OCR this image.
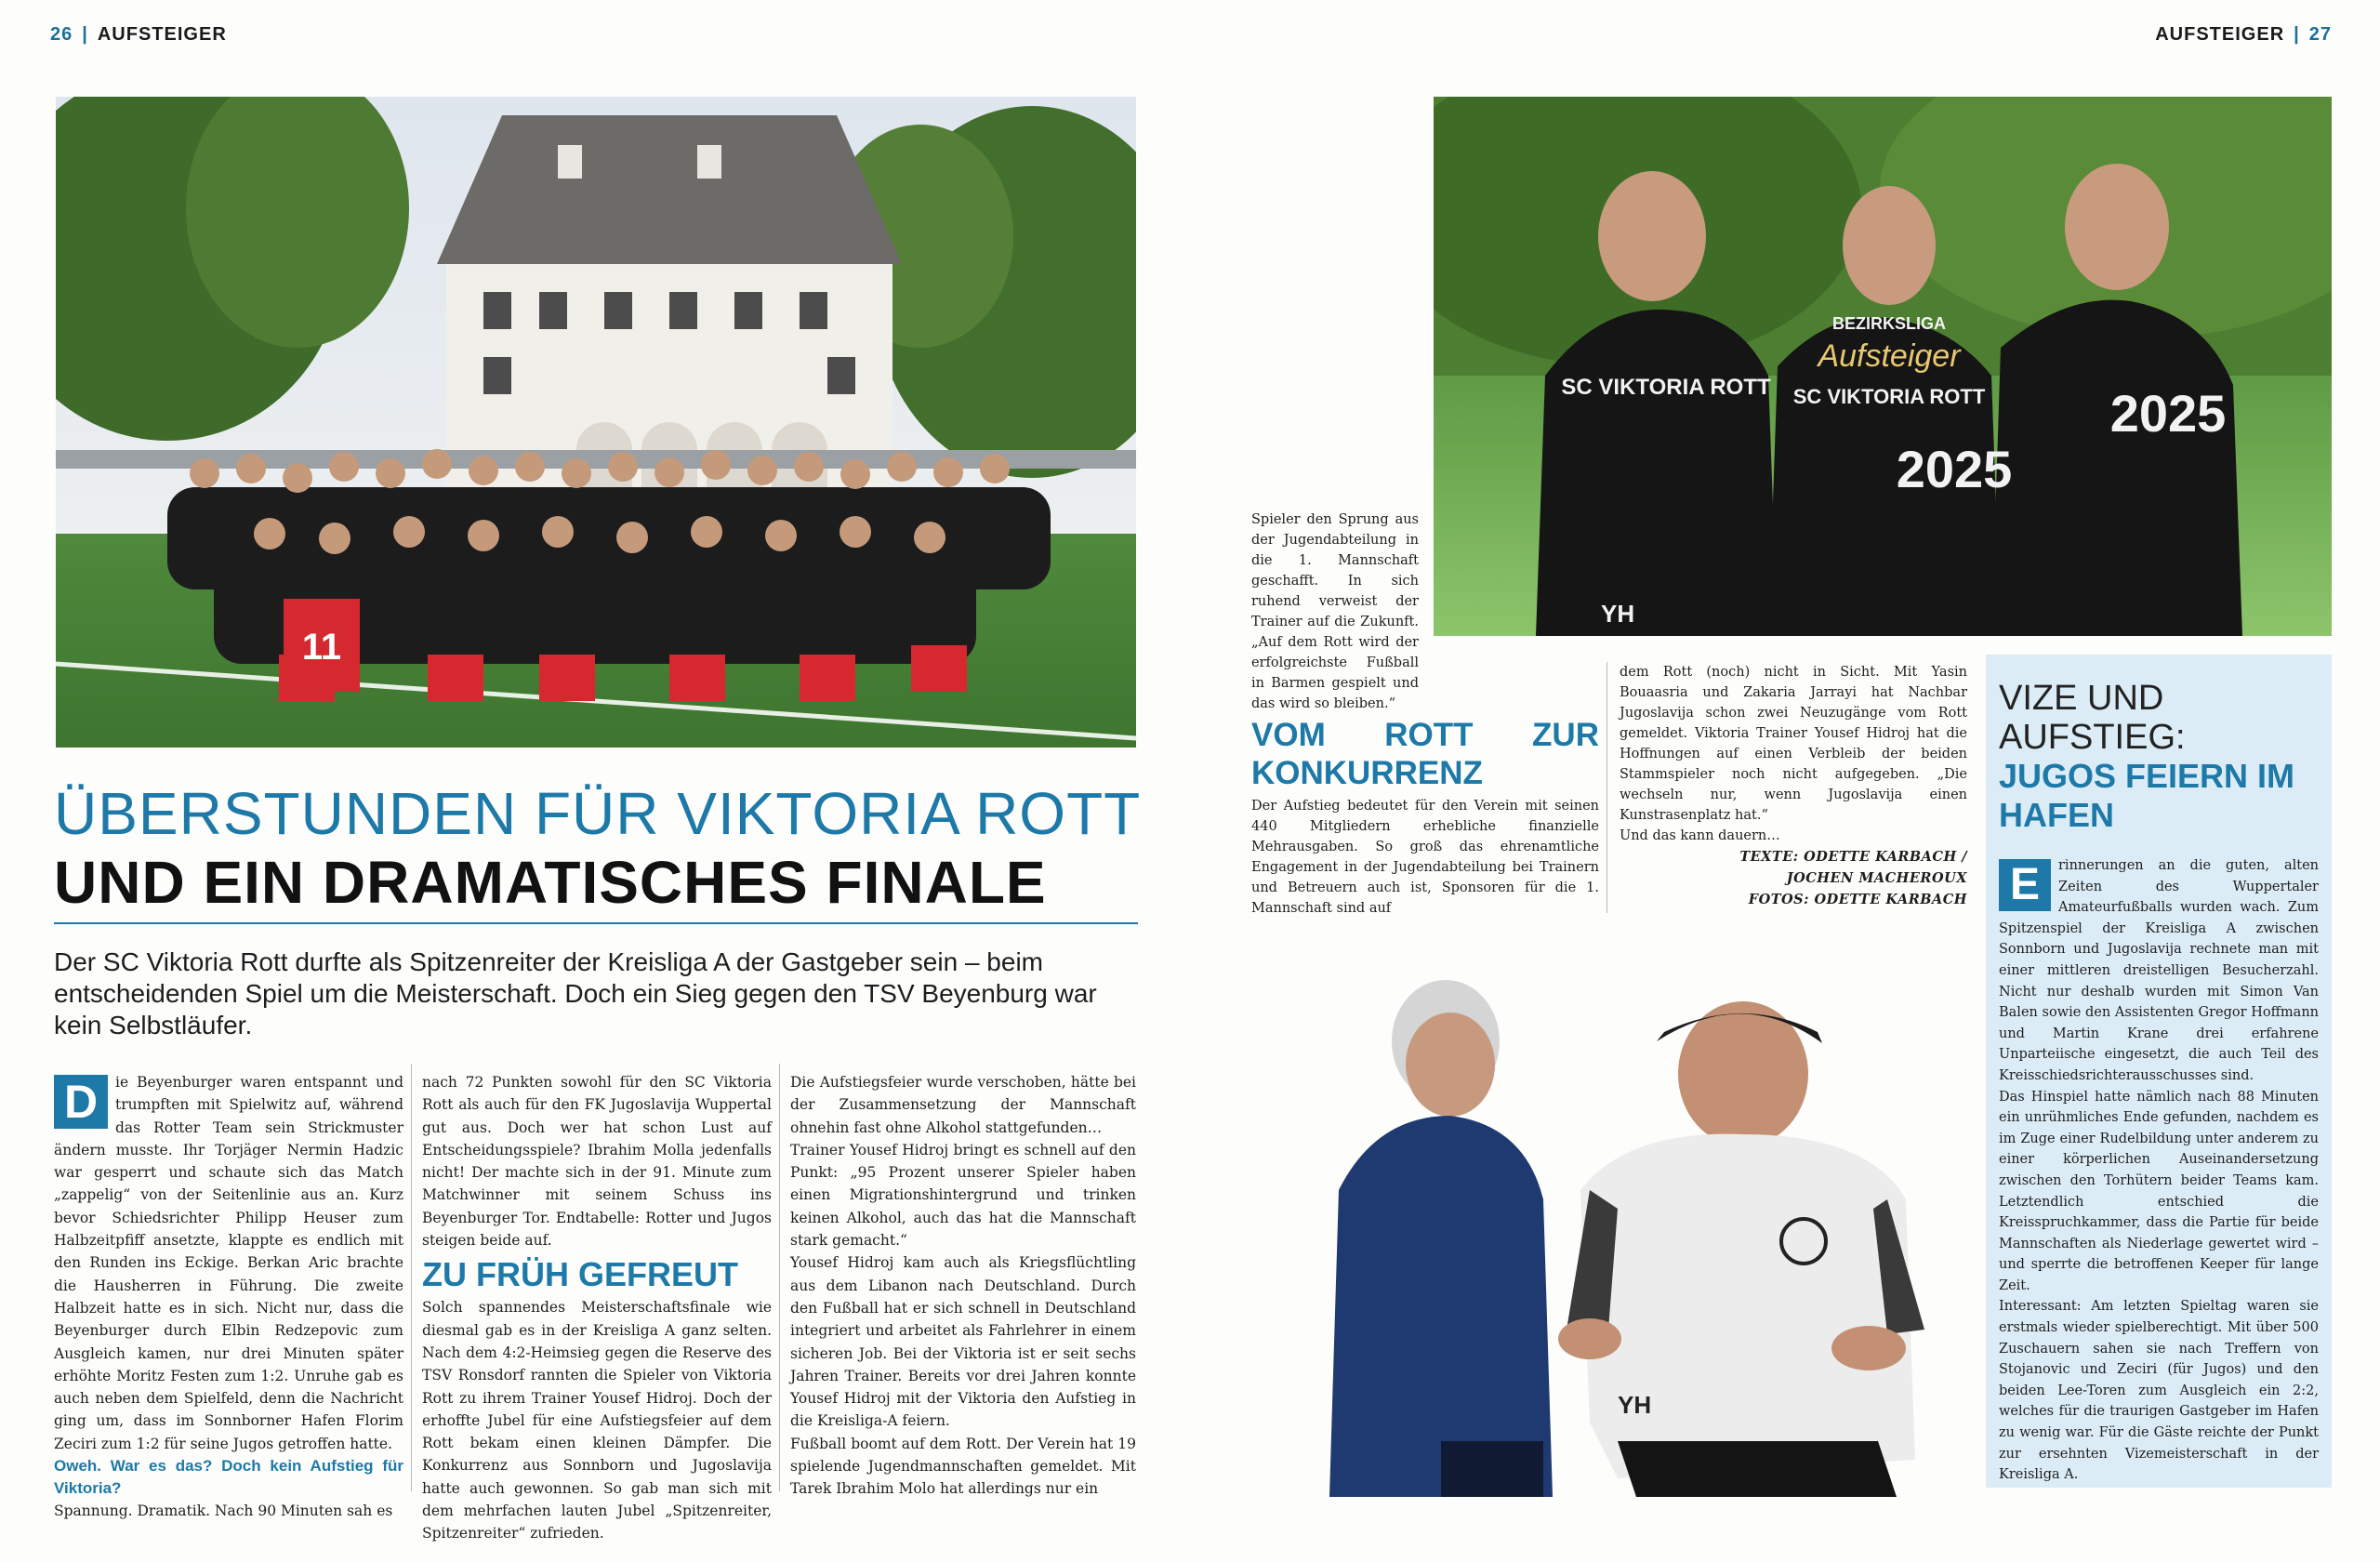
26 | AUFSTEIGER	AUFSTEIGER | 27
11
ÜBERSTUNDEN FÜR VIKTORIA ROTT
UND EIN DRAMATISCHES FINALE
Der SC Viktoria Rott durfte als Spitzenreiter der Kreisliga A der Gastgeber sein – beim entscheidenden Spiel um die Meisterschaft. Doch ein Sieg gegen den TSV Beyenburg war kein Selbstläufer.
D	ie Beyenburger waren entspannt und trumpften mit Spielwitz auf, während das Rotter Team sein Strickmuster ändern musste. Ihr Torjäger Nermin Hadzic war gesperrt und schaute sich das Match „zappelig“ von der Seitenlinie aus an. Kurz bevor Schiedsrichter Philipp Heuser zum Halbzeitpfiff ansetzte, klappte es endlich mit den Runden ins Eckige. Berkan Aric brachte die Hausherren in Führung. Die zweite Halbzeit hatte es in sich. Nicht nur, dass die Beyenburger durch Elbin Redzepovic zum Ausgleich kamen, nur drei Minuten später erhöhte Moritz Festen zum 1:2. Unruhe gab es auch neben dem Spielfeld, denn die Nachricht ging um, dass im Sonnborner Hafen Florim Zeciri zum 1:2 für seine Jugos getroffen hatte.
Oweh. War es das? Doch kein Aufstieg für Viktoria?

Spannung. Dramatik. Nach 90 Minuten sah es

nach 72 Punkten sowohl für den SC Viktoria Rott als auch für den FK Jugoslavija Wuppertal gut aus. Doch wer hat schon Lust auf Entscheidungsspiele? Ibrahim Molla jedenfalls nicht! Der machte sich in der 91. Minute zum Matchwinner mit seinem Schuss ins Beyenburger Tor. Endtabelle: Rotter und Jugos steigen beide auf.

ZU FRÜH GEFREUT

Solch spannendes Meisterschaftsfinale wie diesmal gab es in der Kreisliga A ganz selten. Nach dem 4:2-Heimsieg gegen die Reserve des TSV Ronsdorf rannten die Spieler von Viktoria Rott zu ihrem Trainer Yousef Hidroj. Doch der erhoffte Jubel für eine Aufstiegsfeier auf dem Rott bekam einen kleinen Dämpfer. Die Konkurrenz aus Sonnborn und Jugoslavija hatte auch gewonnen. So gab man sich mit dem mehrfachen lauten Jubel „Spitzenreiter, Spitzenreiter“ zufrieden.

Die Aufstiegsfeier wurde verschoben, hätte bei der Zusammensetzung der Mannschaft ohnehin fast ohne Alkohol stattgefunden…

Trainer Yousef Hidroj bringt es schnell auf den Punkt: „95 Prozent unserer Spieler haben einen Migrationshintergrund und trinken keinen Alkohol, auch das hat die Mannschaft stark gemacht.“

Yousef Hidroj kam auch als Kriegsflüchtling aus dem Libanon nach Deutschland. Durch den Fußball hat er sich schnell in Deutschland integriert und arbeitet als Fahrlehrer in einem sicheren Job. Bei der Viktoria ist er seit sechs Jahren Trainer. Bereits vor drei Jahren konnte Yousef Hidroj mit der Viktoria den Aufstieg in die Kreisliga-A feiern.

Fußball boomt auf dem Rott. Der Verein hat 19 spielende Jugendmannschaften gemeldet. Mit Tarek Ibrahim Molo hat allerdings nur ein

SC VIKTORIA ROTT
BEZIRKSLIGA
Aufsteiger
SC VIKTORIA ROTT
2025
2025
YH

Spieler den Sprung aus der Jugendabteilung in die 1. Mannschaft geschafft. In sich ruhend verweist der Trainer auf die Zukunft. „Auf dem Rott wird der erfolgreichste Fußball in Barmen gespielt und das wird so bleiben.“

VOM ROTT ZUR KONKURRENZ

Der Aufstieg bedeutet für den Verein mit seinen 440 Mitgliedern erhebliche finanzielle Mehrausgaben. So groß das ehrenamtliche Engagement in der Jugendabteilung bei Trainern und Betreuern auch ist, Sponsoren für die 1. Mannschaft sind auf

dem Rott (noch) nicht in Sicht. Mit Yasin Bouaasria und Zakaria Jarrayi hat Nachbar Jugoslavija schon zwei Neuzugänge vom Rott gemeldet. Viktoria Trainer Yousef Hidroj hat die Hoffnungen auf einen Verbleib der beiden Stammspieler noch nicht aufgegeben. „Die wechseln nur, wenn Jugoslavija einen Kunstrasenplatz hat.“

Und das kann dauern…

TEXTE: ODETTE KARBACH /
JOCHEN MACHEROUX
FOTOS: ODETTE KARBACH
YH
VIZE UND AUFSTIEG:
JUGOS FEIERN IM HAFEN
E	rinnerungen an die guten, alten Zeiten des Wuppertaler Amateurfußballs wurden wach. Zum Spitzenspiel der Kreisliga A zwischen Sonnborn und Jugoslavija rechnete man mit einer mittleren dreistelligen Besucherzahl. Nicht nur deshalb wurden mit Simon Van Balen sowie den Assistenten Gregor Hoffmann und Martin Krane drei erfahrene Unparteiische eingesetzt, die auch Teil des Kreisschiedsrichterausschusses sind.

Das Hinspiel hatte nämlich nach 88 Minuten ein unrühmliches Ende gefunden, nachdem es im Zuge einer Rudelbildung unter anderem zu einer körperlichen Auseinandersetzung zwischen den Torhütern beider Teams kam. Letztendlich entschied die Kreisspruchkammer, dass die Partie für beide Mannschaften als Niederlage gewertet wird – und sperrte die betroffenen Keeper für lange Zeit.

Interessant: Am letzten Spieltag waren sie erstmals wieder spielberechtigt. Mit über 500 Zuschauern sahen sie nach Treffern von Stojanovic und Zeciri (für Jugos) und den beiden Lee-Toren zum Ausgleich ein 2:2, welches für die traurigen Gastgeber im Hafen zu wenig war. Für die Gäste reichte der Punkt zur ersehnten Vizemeisterschaft in der Kreisliga A.
